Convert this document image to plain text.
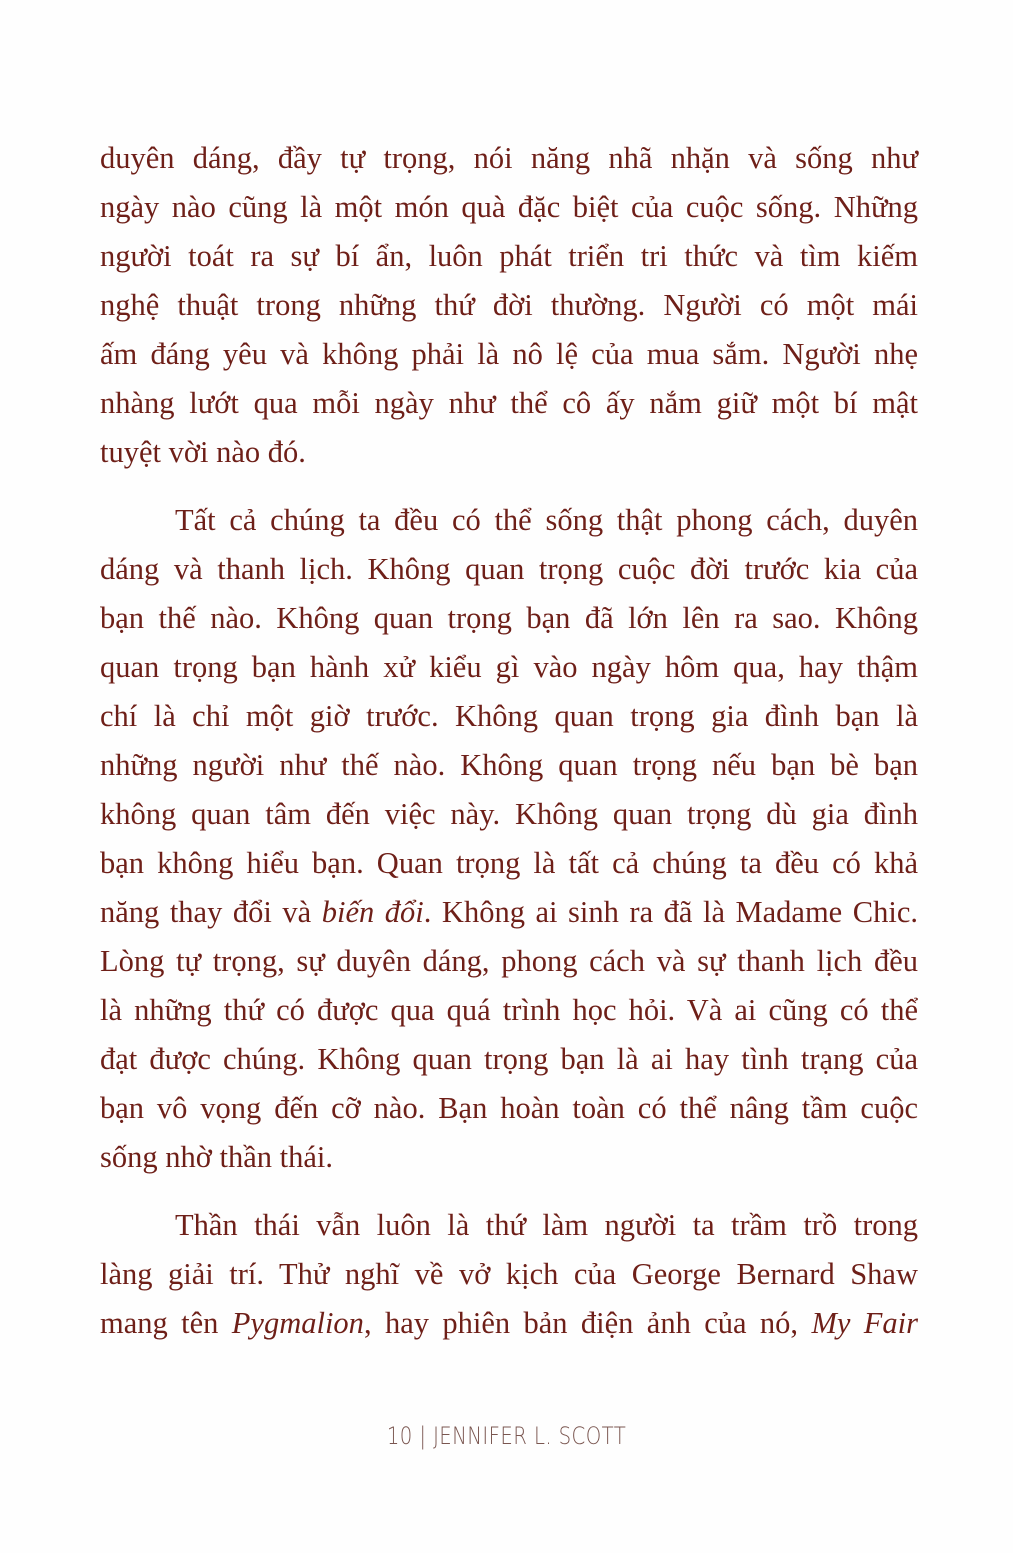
duyên dáng, đầy tự trọng, nói năng nhã nhặn và sống như
ngày nào cũng là một món quà đặc biệt của cuộc sống. Những
người toát ra sự bí ẩn, luôn phát triển tri thức và tìm kiếm
nghệ thuật trong những thứ đời thường. Người có một mái
ấm đáng yêu và không phải là nô lệ của mua sắm. Người nhẹ
nhàng lướt qua mỗi ngày như thể cô ấy nắm giữ một bí mật
tuyệt vời nào đó.
Tất cả chúng ta đều có thể sống thật phong cách, duyên
dáng và thanh lịch. Không quan trọng cuộc đời trước kia của
bạn thế nào. Không quan trọng bạn đã lớn lên ra sao. Không
quan trọng bạn hành xử kiểu gì vào ngày hôm qua, hay thậm
chí là chỉ một giờ trước. Không quan trọng gia đình bạn là
những người như thế nào. Không quan trọng nếu bạn bè bạn
không quan tâm đến việc này. Không quan trọng dù gia đình
bạn không hiểu bạn. Quan trọng là tất cả chúng ta đều có khả
năng thay đổi và biến đổi. Không ai sinh ra đã là Madame Chic.
Lòng tự trọng, sự duyên dáng, phong cách và sự thanh lịch đều
là những thứ có được qua quá trình học hỏi. Và ai cũng có thể
đạt được chúng. Không quan trọng bạn là ai hay tình trạng của
bạn vô vọng đến cỡ nào. Bạn hoàn toàn có thể nâng tầm cuộc
sống nhờ thần thái.
Thần thái vẫn luôn là thứ làm người ta trầm trồ trong
làng giải trí. Thử nghĩ về vở kịch của George Bernard Shaw
mang tên Pygmalion, hay phiên bản điện ảnh của nó, My Fair
10 | JENNIFER L. SCOTT
